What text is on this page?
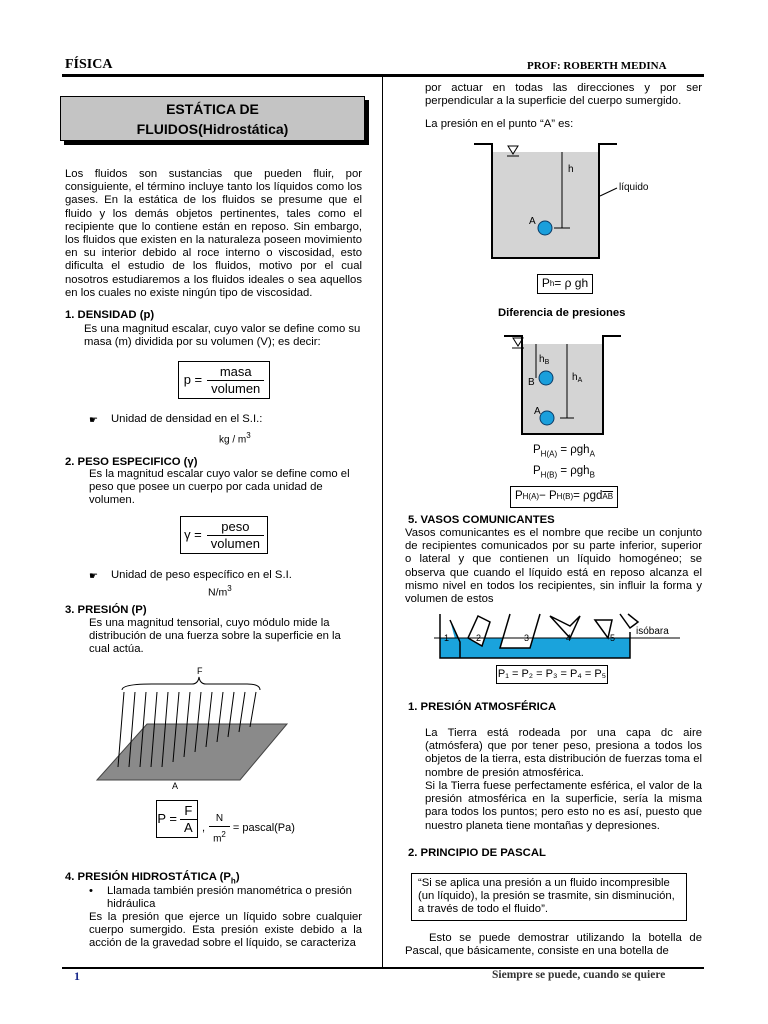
FÍSICA	PROF: ROBERTH MEDINA
ESTÁTICA DE
FLUIDOS(Hidrostática)
Los fluidos son sustancias que pueden fluir, por consiguiente, el término incluye tanto los líquidos como los gases. En la estática de los fluidos se presume que el fluido y los demás objetos pertinentes, tales como el recipiente que lo contiene están en reposo. Sin embargo, los fluidos que existen en la naturaleza poseen movimiento en su interior debido al roce interno o viscosidad, esto dificulta el estudio de los fluidos, motivo por el cual nosotros estudiaremos a los fluidos ideales o sea aquellos en los cuales no existe ningún tipo de viscosidad.
1. DENSIDAD (p)
Es una magnitud escalar, cuyo valor se define como su masa (m) dividida por su volumen (V); es decir:
$p = \frac{\text{masa}}{\text{volumen}}$
☛ Unidad de densidad en el S.I.:
kg / $m^3$
2. PESO ESPECIFICO (γ)
Es la magnitud escalar cuyo valor se define como el peso que posee un cuerpo por cada unidad de volumen.
$\gamma = \frac{\text{peso}}{\text{volumen}}$
☛ Unidad de peso específico en el S.I.
$N/m^3$
3. PRESIÓN (P)
Es una magnitud tensorial, cuyo módulo mide la distribución de una fuerza sobre la superficie en la cual actúa.
F
A
$P = \frac{F}{A}$ , $\frac{N}{m^2}$ = pascal(Pa)
4. PRESIÓN HIDROSTÁTICA $(P_h)$
• Llamada también presión manométrica o presión hidráulica
Es la presión que ejerce un líquido sobre cualquier cuerpo sumergido. Esta presión existe debido a la acción de la gravedad sobre el líquido, se caracteriza
por actuar en todas las direcciones y por ser perpendicular a la superficie del cuerpo sumergido.
La presión en el punto “A” es:
h
A
líquido
P h = ρ gh
Diferencia de presiones
$h_B$
$h_A$
B
A
$P_{H(A)} = \rho gh_A$
$P_{H(B)} = \rho gh_B$
P H(A) − P H(B) = ρgd $\overline{AB}$
5. VASOS COMUNICANTES
Vasos comunicantes es el nombre que recibe un conjunto de recipientes comunicados por su parte inferior, superior o lateral y que contienen un líquido homogéneo; se observa que cuando el líquido está en reposo alcanza el mismo nivel en todos los recipientes, sin influir la forma y volumen de estos
1	2	3	4	5
isóbara
P₁ = P₂ = P₃ = P₄ = P₅
1. PRESIÓN ATMOSFÉRICA
La Tierra está rodeada por una capa dc aire (atmósfera) que por tener peso, presiona a todos los objetos de la tierra, esta distribución de fuerzas toma el nombre de presión atmosférica.
Si la Tierra fuese perfectamente esférica, el valor de la presión atmosférica en la superficie, sería la misma para todos los puntos; pero esto no es así, puesto que nuestro planeta tiene montañas y depresiones.
2. PRINCIPIO DE PASCAL
“Si se aplica una presión a un fluido incompresible (un líquido), la presión se trasmite, sin disminución, a través de todo el fluido”.
Esto se puede demostrar utilizando la botella de Pascal, que básicamente, consiste en una botella de
1	Siempre se puede, cuando se quiere
